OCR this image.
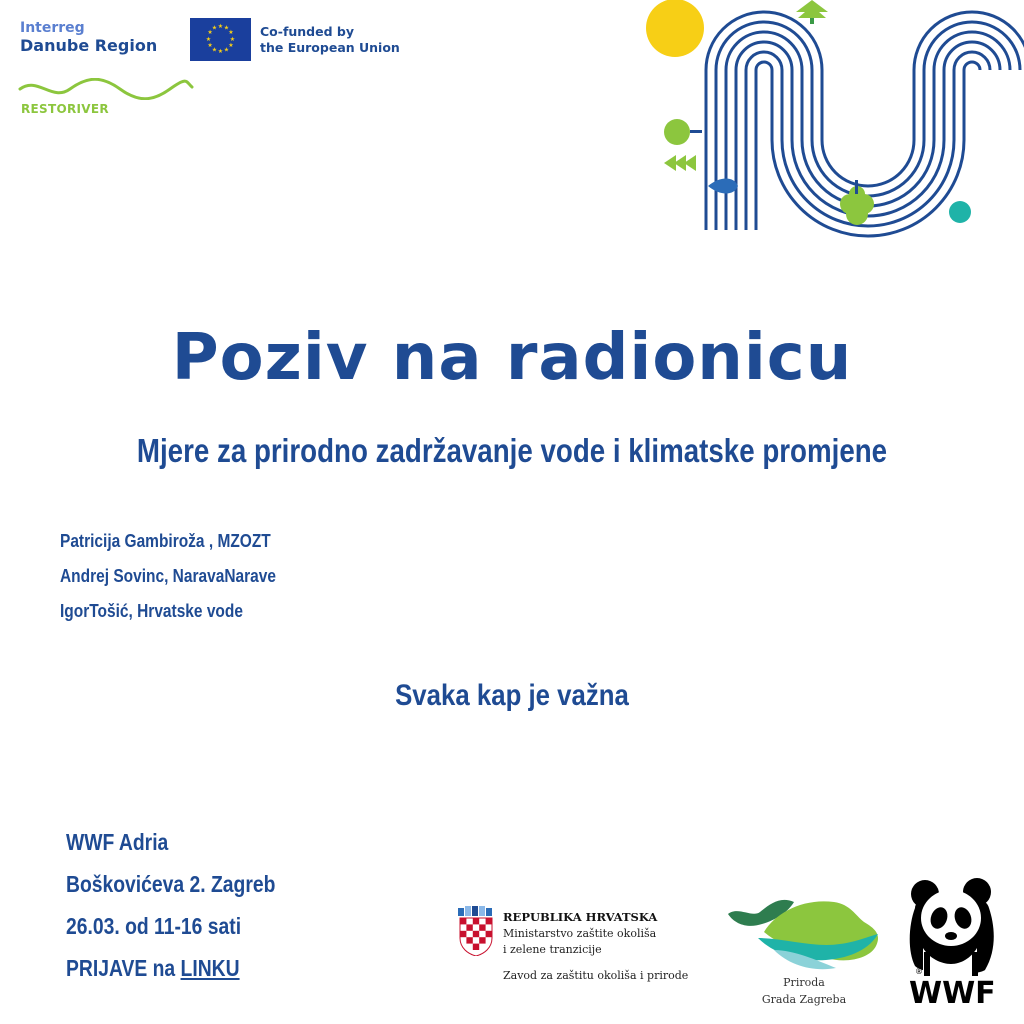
Interreg
Danube Region
★ ★
★
★
★
★
★
★
★
★
★
★	Co-funded by
the European Union
RESTORIVER
Poziv na radionicu
Mjere za prirodno zadržavanje vode i klimatske promjene
Patricija Gambiroža , MZOZT
Andrej Sovinc, NaravaNarave
IgorTošić, Hrvatske vode
Svaka kap je važna
WWF Adria
Boškovićeva 2. Zagreb
26.03. od 11-16 sati
PRIJAVE na LINKU
REPUBLIKA HRVATSKA
Ministarstvo zaštite okoliša
i zelene tranzicije
Zavod za zaštitu okoliša i prirode
Priroda
Grada Zagreba
®
WWF
